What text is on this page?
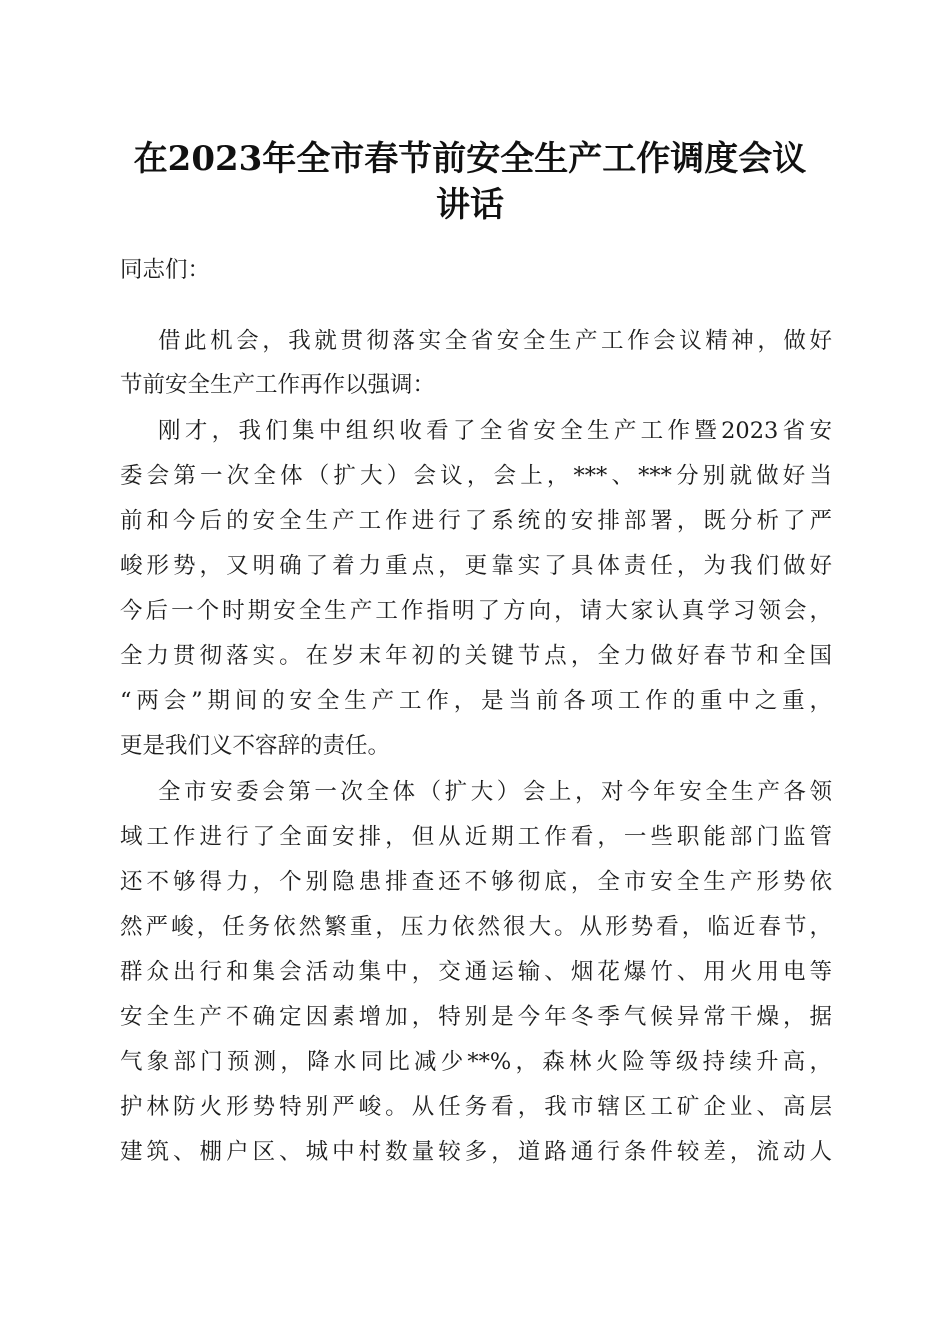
在2023年全市春节前安全生产工作调度会议
讲话
同志们：
借此机会，我就贯彻落实全省安全生产工作会议精神，做好
节前安全生产工作再作以强调：
刚才，我们集中组织收看了全省安全生产工作暨2023省安
委会第一次全体（扩大）会议，会上，***、***分别就做好当
前和今后的安全生产工作进行了系统的安排部署，既分析了严
峻形势，又明确了着力重点，更靠实了具体责任，为我们做好
今后一个时期安全生产工作指明了方向，请大家认真学习领会，
全力贯彻落实。在岁末年初的关键节点，全力做好春节和全国
“两会”期间的安全生产工作，是当前各项工作的重中之重，
更是我们义不容辞的责任。
全市安委会第一次全体（扩大）会上，对今年安全生产各领
域工作进行了全面安排，但从近期工作看，一些职能部门监管
还不够得力，个别隐患排查还不够彻底，全市安全生产形势依
然严峻，任务依然繁重，压力依然很大。从形势看，临近春节，
群众出行和集会活动集中，交通运输、烟花爆竹、用火用电等
安全生产不确定因素增加，特别是今年冬季气候异常干燥，据
气象部门预测，降水同比减少**%，森林火险等级持续升高，
护林防火形势特别严峻。从任务看，我市辖区工矿企业、高层
建筑、棚户区、城中村数量较多，道路通行条件较差，流动人
